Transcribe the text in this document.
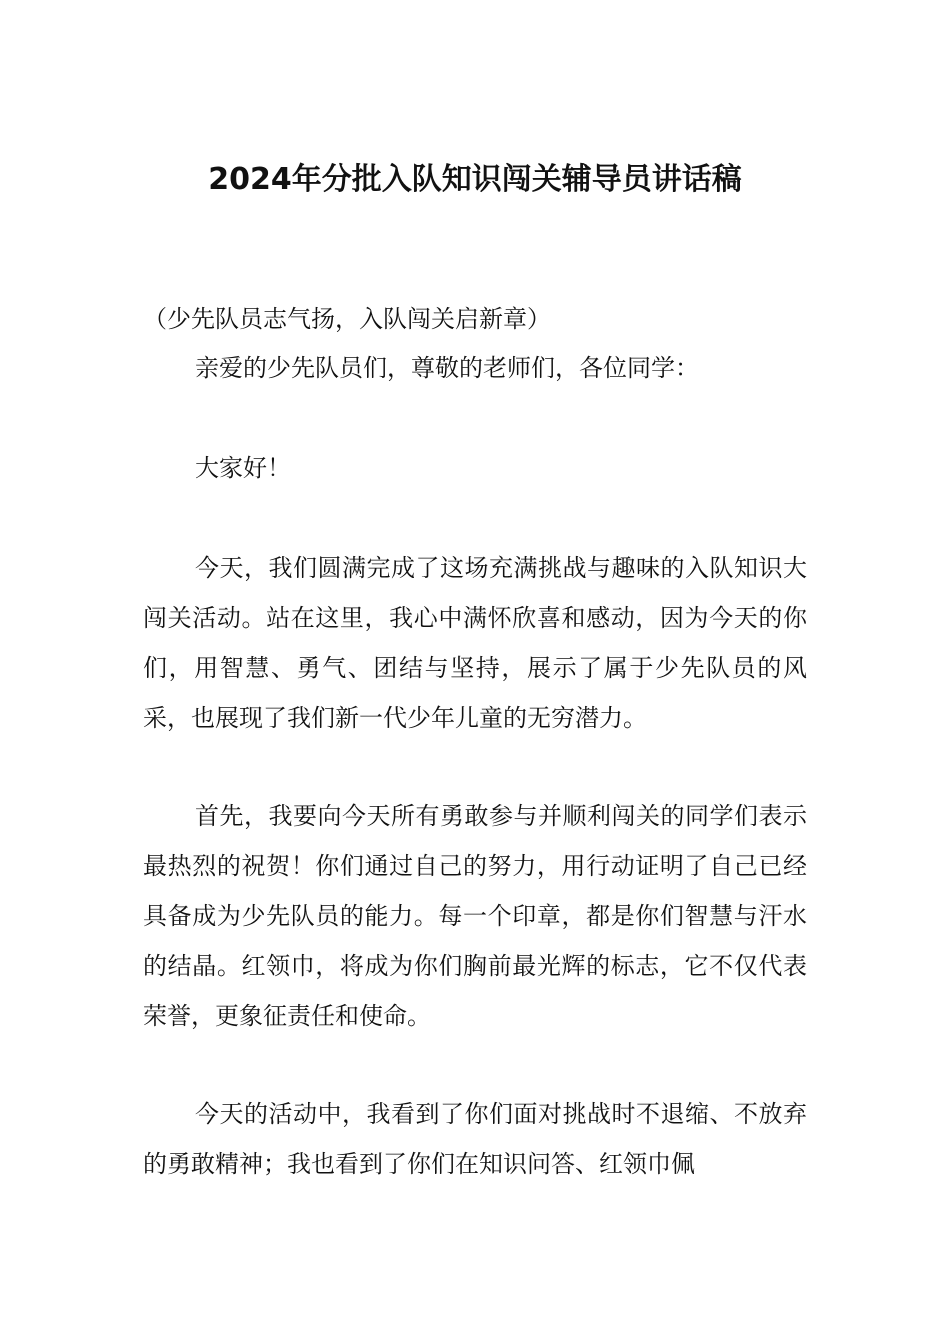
2024年分批入队知识闯关辅导员讲话稿
（少先队员志气扬，入队闯关启新章）

亲爱的少先队员们，尊敬的老师们，各位同学：

大家好！

今天，我们圆满完成了这场充满挑战与趣味的入队知识大闯关活动。站在这里，我心中满怀欣喜和感动，因为今天的你们，用智慧、勇气、团结与坚持，展示了属于少先队员的风采，也展现了我们新一代少年儿童的无穷潜力。

首先，我要向今天所有勇敢参与并顺利闯关的同学们表示最热烈的祝贺！你们通过自己的努力，用行动证明了自己已经具备成为少先队员的能力。每一个印章，都是你们智慧与汗水的结晶。红领巾，将成为你们胸前最光辉的标志，它不仅代表荣誉，更象征责任和使命。

今天的活动中，我看到了你们面对挑战时不退缩、不放弃的勇敢精神；我也看到了你们在知识问答、红领巾佩
